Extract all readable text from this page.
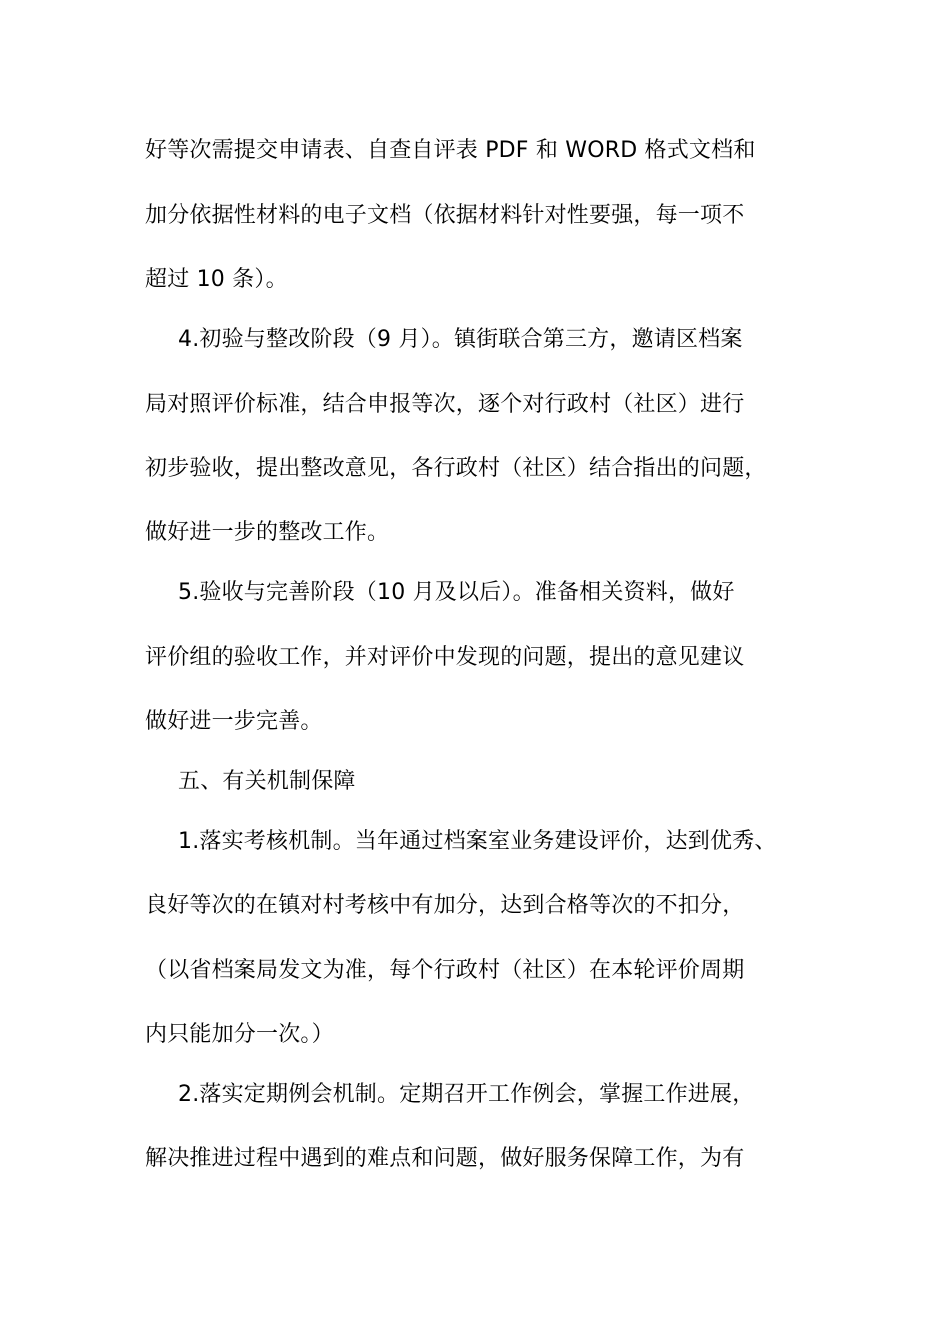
好等次需提交申请表、自查自评表 PDF 和 WORD 格式文档和
加分依据性材料的电子文档（依据材料针对性要强，每一项不
超过 10 条）。
4.初验与整改阶段（9 月）。镇街联合第三方，邀请区档案
局对照评价标准，结合申报等次，逐个对行政村（社区）进行
初步验收，提出整改意见，各行政村（社区）结合指出的问题，
做好进一步的整改工作。
5.验收与完善阶段（10 月及以后）。准备相关资料，做好
评价组的验收工作，并对评价中发现的问题，提出的意见建议
做好进一步完善。
五、有关机制保障
1.落实考核机制。当年通过档案室业务建设评价，达到优秀、
良好等次的在镇对村考核中有加分，达到合格等次的不扣分，
（以省档案局发文为准，每个行政村（社区）在本轮评价周期
内只能加分一次。）
2.落实定期例会机制。定期召开工作例会，掌握工作进展，
解决推进过程中遇到的难点和问题，做好服务保障工作，为有
